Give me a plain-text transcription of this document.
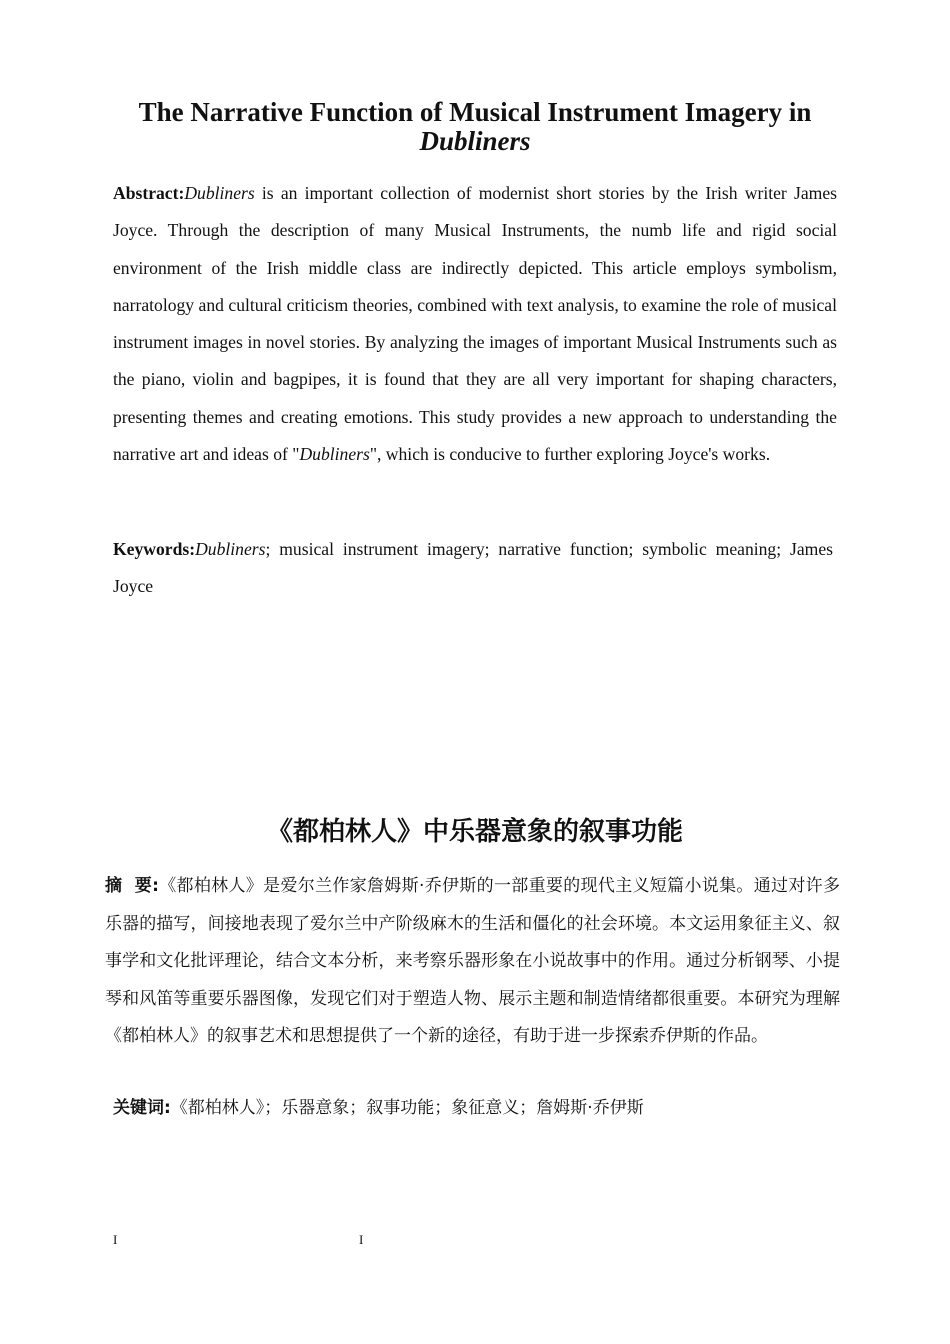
The Narrative Function of Musical Instrument Imagery in
Dubliners
Abstract:Dubliners is an important collection of modernist short stories by the Irish writer James Joyce. Through the description of many Musical Instruments, the numb life and rigid social environment of the Irish middle class are indirectly depicted. This article employs symbolism, narratology and cultural criticism theories, combined with text analysis, to examine the role of musical instrument images in novel stories. By analyzing the images of important Musical Instruments such as the piano, violin and bagpipes, it is found that they are all very important for shaping characters, presenting themes and creating emotions. This study provides a new approach to understanding the narrative art and ideas of "Dubliners", which is conducive to further exploring Joyce's works.
Keywords:Dubliners; musical instrument imagery; narrative function; symbolic meaning; James Joyce
《都柏林人》中乐器意象的叙事功能
摘  要:《都柏林人》是爱尔兰作家詹姆斯·乔伊斯的一部重要的现代主义短篇小说集。通过对许多乐器的描写，间接地表现了爱尔兰中产阶级麻木的生活和僵化的社会环境。本文运用象征主义、叙事学和文化批评理论，结合文本分析，来考察乐器形象在小说故事中的作用。通过分析钢琴、小提琴和风笛等重要乐器图像，发现它们对于塑造人物、展示主题和制造情绪都很重要。本研究为理解《都柏林人》的叙事艺术和思想提供了一个新的途径，有助于进一步探索乔伊斯的作品。
关键词:《都柏林人》；乐器意象；叙事功能；象征意义；詹姆斯·乔伊斯
I	I
